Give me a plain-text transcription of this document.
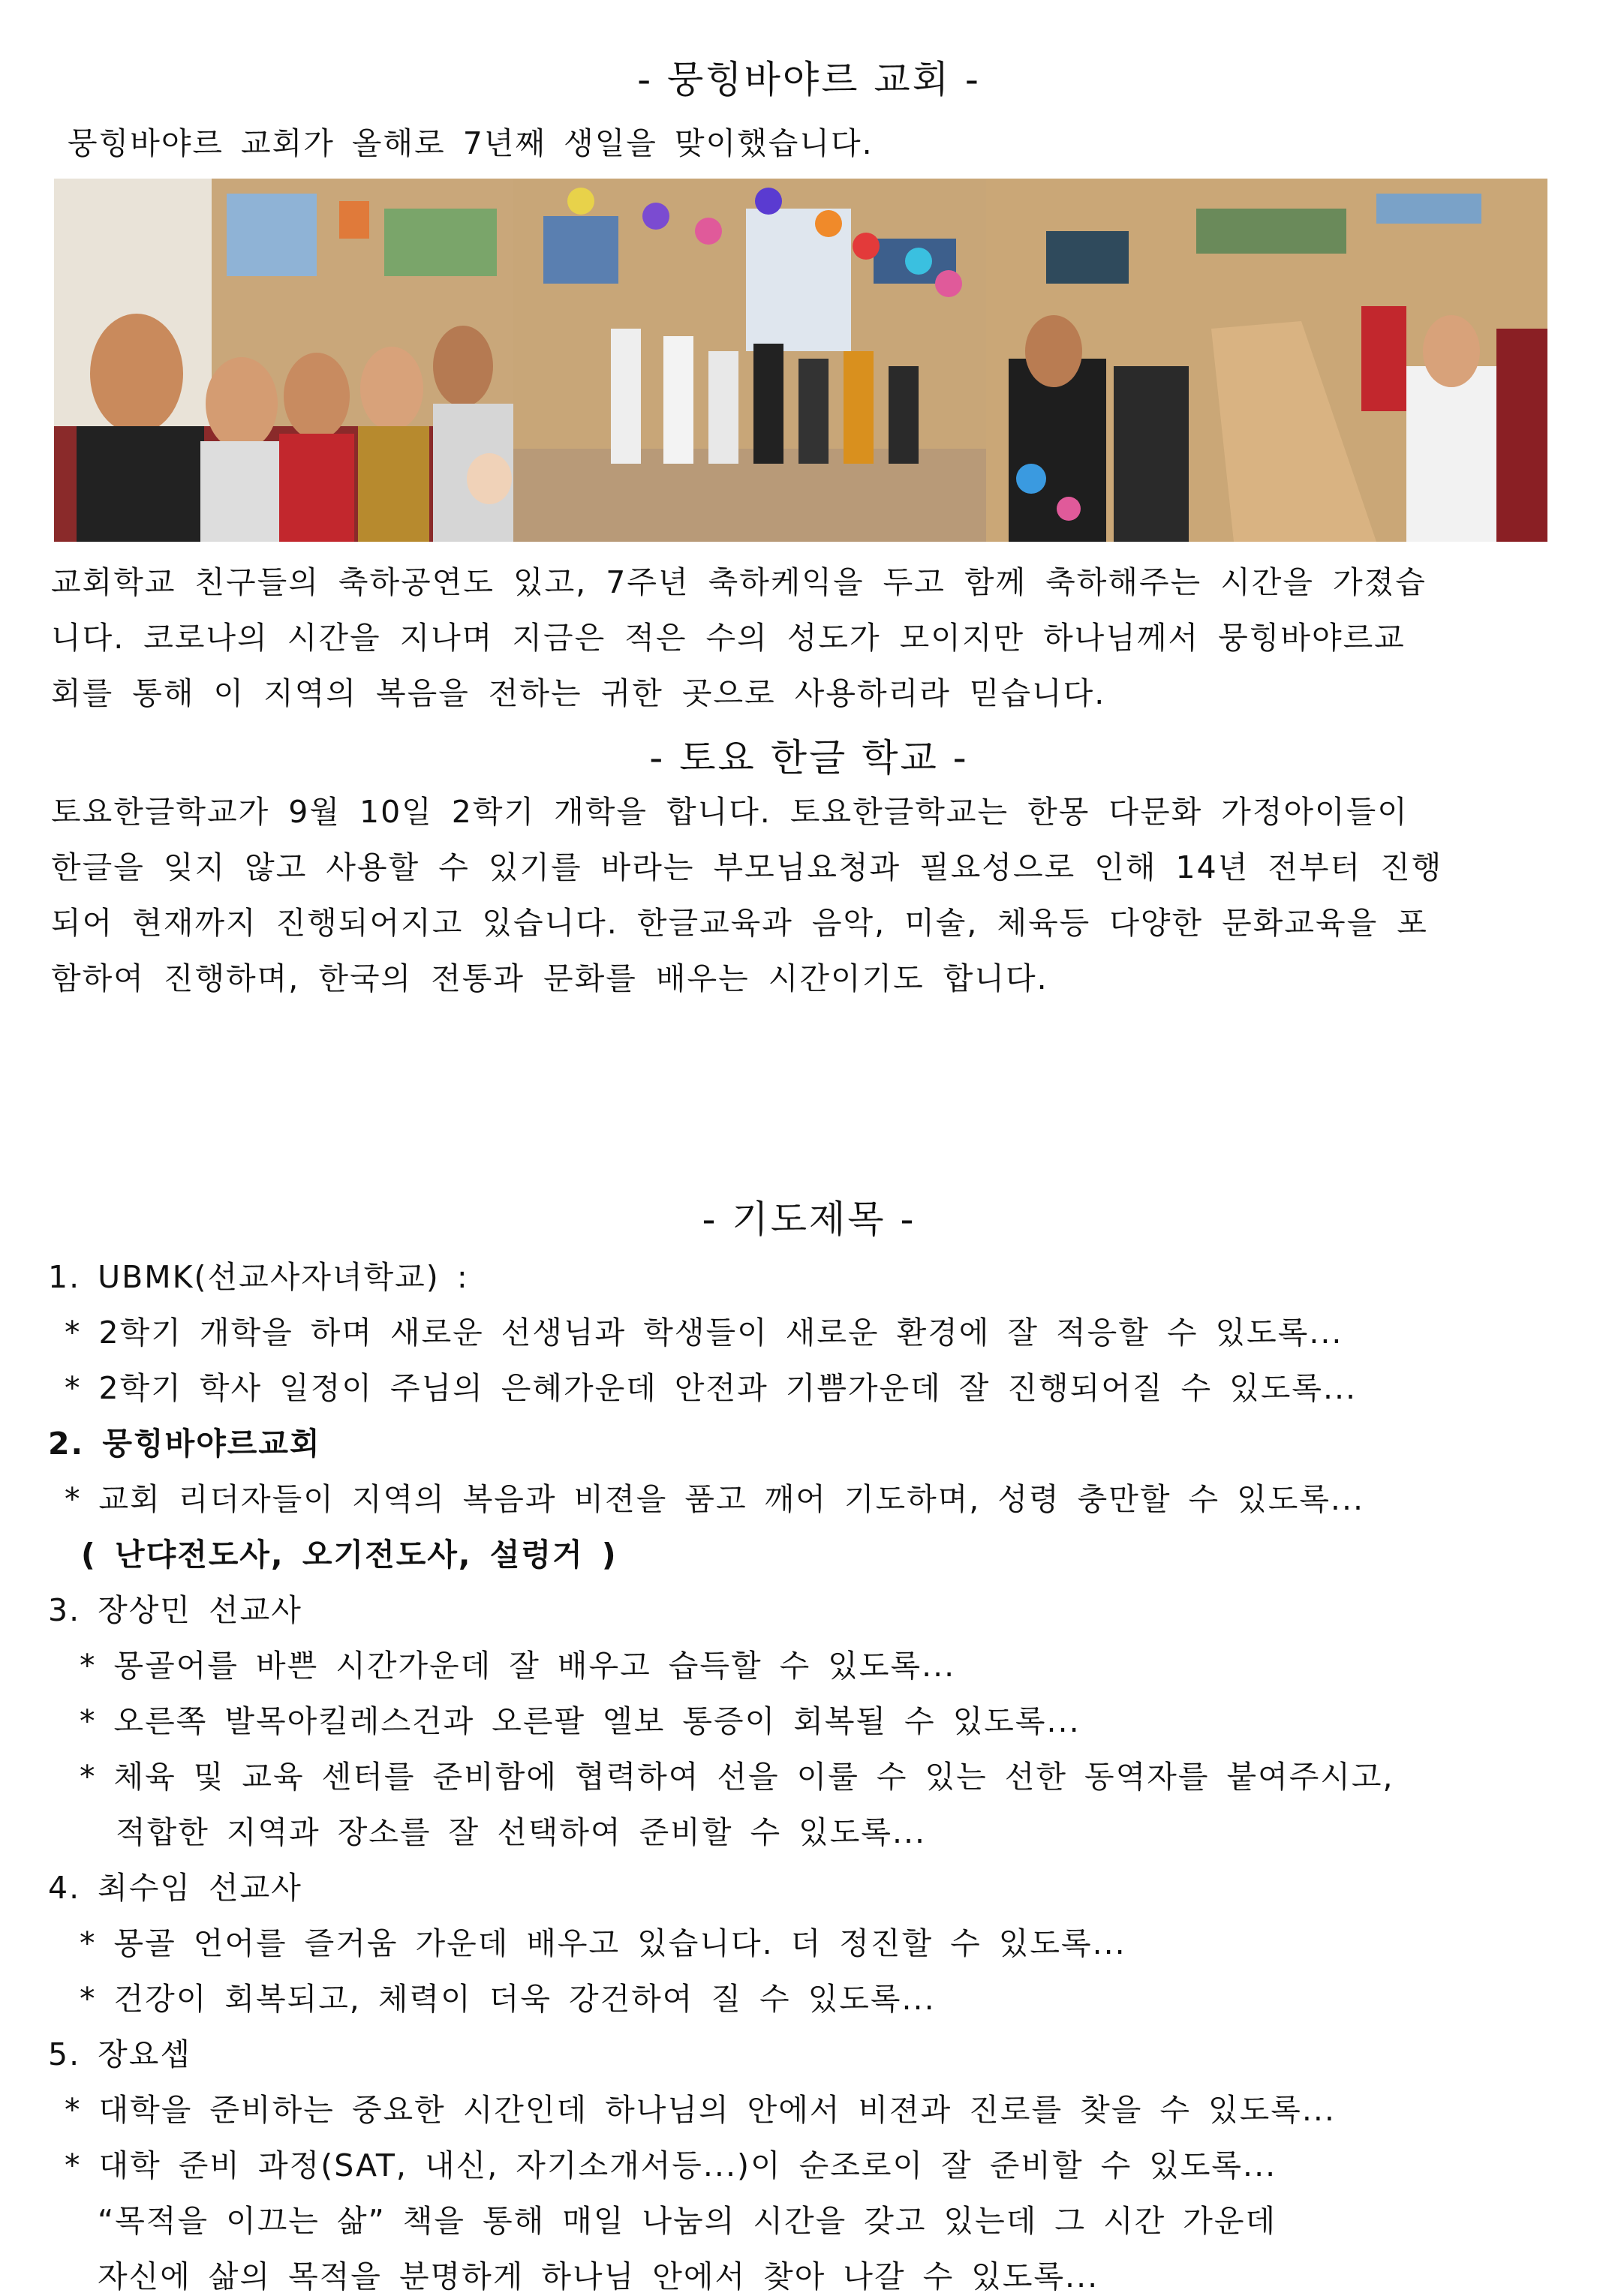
- 뭉힝바야르 교회 -
뭉힝바야르 교회가 올해로 7년째 생일을 맞이했습니다.
교회학교 친구들의 축하공연도 있고, 7주년 축하케익을 두고 함께 축하해주는 시간을 가졌습
니다. 코로나의 시간을 지나며 지금은 적은 수의 성도가 모이지만 하나님께서 뭉힝바야르교
회를 통해 이 지역의 복음을 전하는 귀한 곳으로 사용하리라 믿습니다.
- 토요 한글 학교 -
토요한글학교가 9월 10일 2학기 개학을 합니다. 토요한글학교는 한몽 다문화 가정아이들이
한글을 잊지 않고 사용할 수 있기를 바라는 부모님요청과 필요성으로 인해 14년 전부터 진행
되어 현재까지 진행되어지고 있습니다. 한글교육과 음악, 미술, 체육등 다양한 문화교육을 포
함하여 진행하며, 한국의 전통과 문화를 배우는 시간이기도 합니다.
- 기도제목 -
1. UBMK(선교사자녀학교) :
* 2학기 개학을 하며 새로운 선생님과 학생들이 새로운 환경에 잘 적응할 수 있도록...
* 2학기 학사 일정이 주님의 은혜가운데 안전과 기쁨가운데 잘 진행되어질 수 있도록...
2. 뭉힝바야르교회
* 교회 리더자들이 지역의 복음과 비젼을 품고 깨어 기도하며, 성령 충만할 수 있도록...
( 난댜전도사, 오기전도사, 설렁거 )
3. 장상민 선교사
* 몽골어를 바쁜 시간가운데 잘 배우고 습득할 수 있도록...
* 오른쪽 발목아킬레스건과 오른팔 엘보 통증이 회복될 수 있도록...
* 체육 및 교육 센터를 준비함에 협력하여 선을 이룰 수 있는 선한 동역자를 붙여주시고,
적합한 지역과 장소를 잘 선택하여 준비할 수 있도록...
4. 최수임 선교사
* 몽골 언어를 즐거움 가운데 배우고 있습니다. 더 정진할 수 있도록...
* 건강이 회복되고, 체력이 더욱 강건하여 질 수 있도록...
5. 장요셉
* 대학을 준비하는 중요한 시간인데 하나님의 안에서 비젼과 진로를 찾을 수 있도록...
* 대학 준비 과정(SAT, 내신, 자기소개서등...)이 순조로이 잘 준비할 수 있도록...
“목적을 이끄는 삶” 책을 통해 매일 나눔의 시간을 갖고 있는데 그 시간 가운데
자신에 삶의 목적을 분명하게 하나님 안에서 찾아 나갈 수 있도록...
